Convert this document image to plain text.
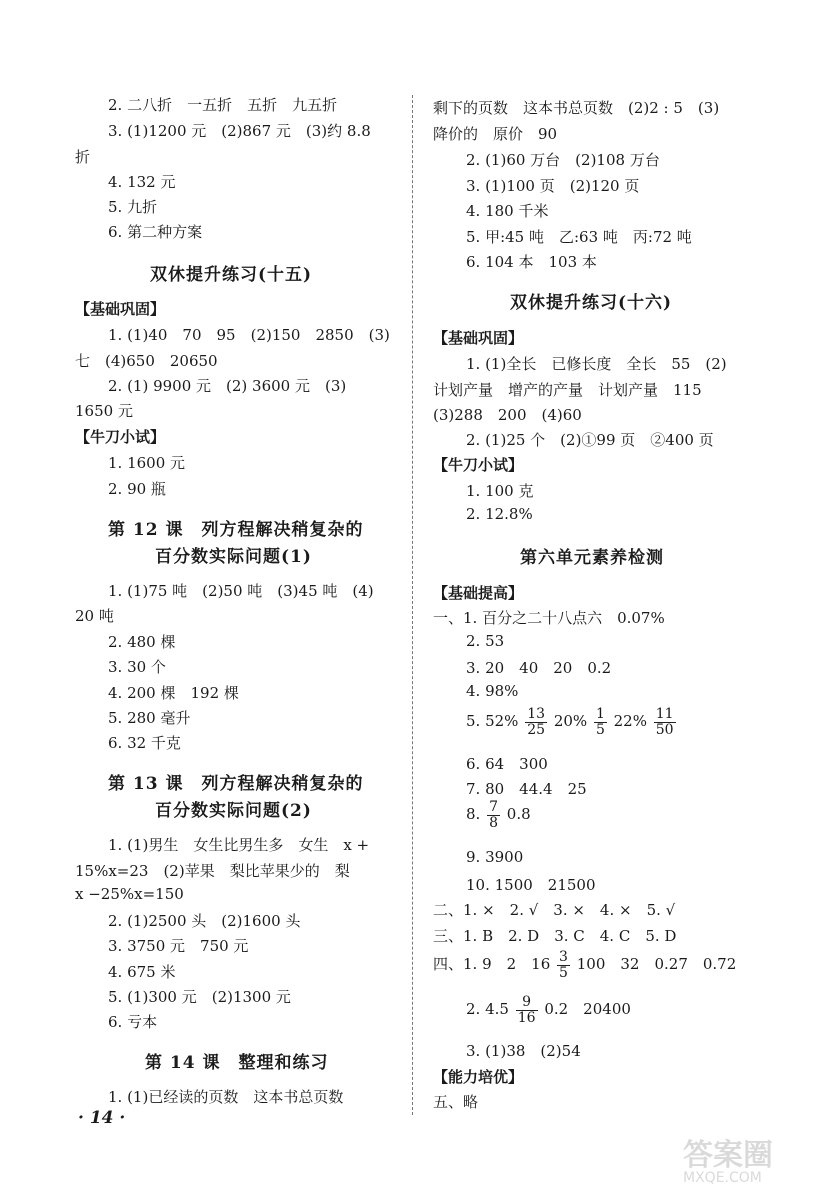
2. 二八折　一五折　五折　九五折
3. (1)1200 元　(2)867 元　(3)约 8.8
折
4. 132 元
5. 九折
6. 第二种方案
双休提升练习(十五)
【基础巩固】
1. (1)40　70　95　(2)150　2850　(3)
七　(4)650　20650
2. (1) 9900 元　(2) 3600 元　(3)
1650 元
【牛刀小试】
1. 1600 元
2. 90 瓶
第 12 课　列方程解决稍复杂的
百分数实际问题(1)
1. (1)75 吨　(2)50 吨　(3)45 吨　(4)
20 吨
2. 480 棵
3. 30 个
4. 200 棵　192 棵
5. 280 毫升
6. 32 千克
第 13 课　列方程解决稍复杂的
百分数实际问题(2)
1. (1)男生　女生比男生多　女生　x +
15%x=23　(2)苹果　梨比苹果少的　梨
x −25%x=150
2. (1)2500 头　(2)1600 头
3. 3750 元　750 元
4. 675 米
5. (1)300 元　(2)1300 元
6. 亏本
第 14 课　整理和练习
1. (1)已经读的页数　这本书总页数
剩下的页数　这本书总页数　(2)2 : 5　(3)
降价的　原价　90
2. (1)60 万台　(2)108 万台
3. (1)100 页　(2)120 页
4. 180 千米
5. 甲:45 吨　乙:63 吨　丙:72 吨
6. 104 本　103 本
双休提升练习(十六)
【基础巩固】
1. (1)全长　已修长度　全长　55　(2)
计划产量　增产的产量　计划产量　115
(3)288　200　(4)60
2. (1)25 个　(2)①99 页　②400 页
【牛刀小试】
1. 100 克
2. 12.8%
第六单元素养检测
【基础提高】
一、1. 百分之二十八点六　0.07%
2. 53
3. 20　40　20　0.2
4. 98%
5. $52\% \frac{13}{25} 20\% \frac{1}{5} 22\% \frac{11}{50}$
6. 64　300
7. 80　44.4　25
8. $\frac{7}{8} 0.8$
9. 3900
10. 1500　21500
二、1. ×　2. √　3. ×　4. ×　5. √
三、1. B　2. D　3. C　4. C　5. D
四、1. 9　2　$16 \frac{3}{5} 100$　32　0.27　0.72
2. $4.5 \frac{9}{16} 0.2$　20400
3. (1)38　(2)54
【能力培优】
五、略
· 14 ·
答案圈
MXQE.COM
